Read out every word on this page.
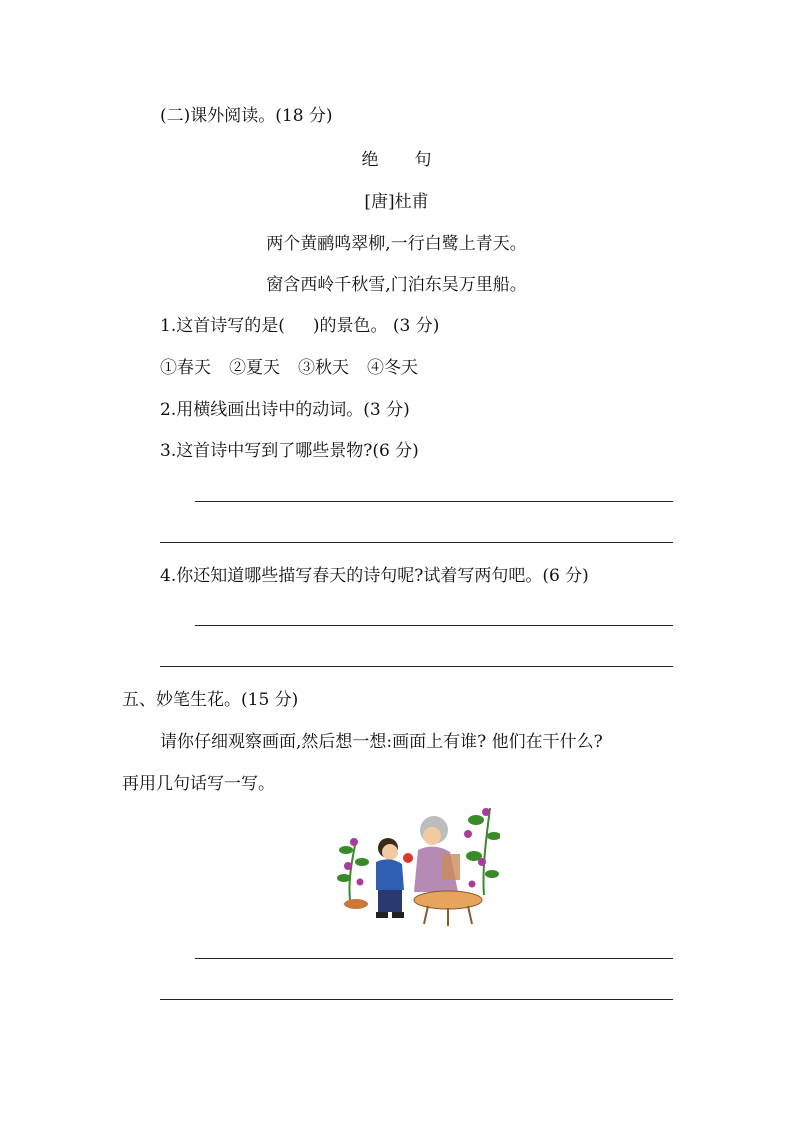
(二)课外阅读。(18 分)
绝 句
[唐]杜甫
两个黄鹂鸣翠柳,一行白鹭上青天。
窗含西岭千秋雪,门泊东吴万里船。
1.这首诗写的是( )的景色。 (3 分)
①春天 ②夏天 ③秋天 ④冬天
2.用横线画出诗中的动词。(3 分)
3.这首诗中写到了哪些景物?(6 分)
4.你还知道哪些描写春天的诗句呢?试着写两句吧。(6 分)
五、妙笔生花。(15 分)
请你仔细观察画面,然后想一想:画面上有谁? 他们在干什么?
再用几句话写一写。
